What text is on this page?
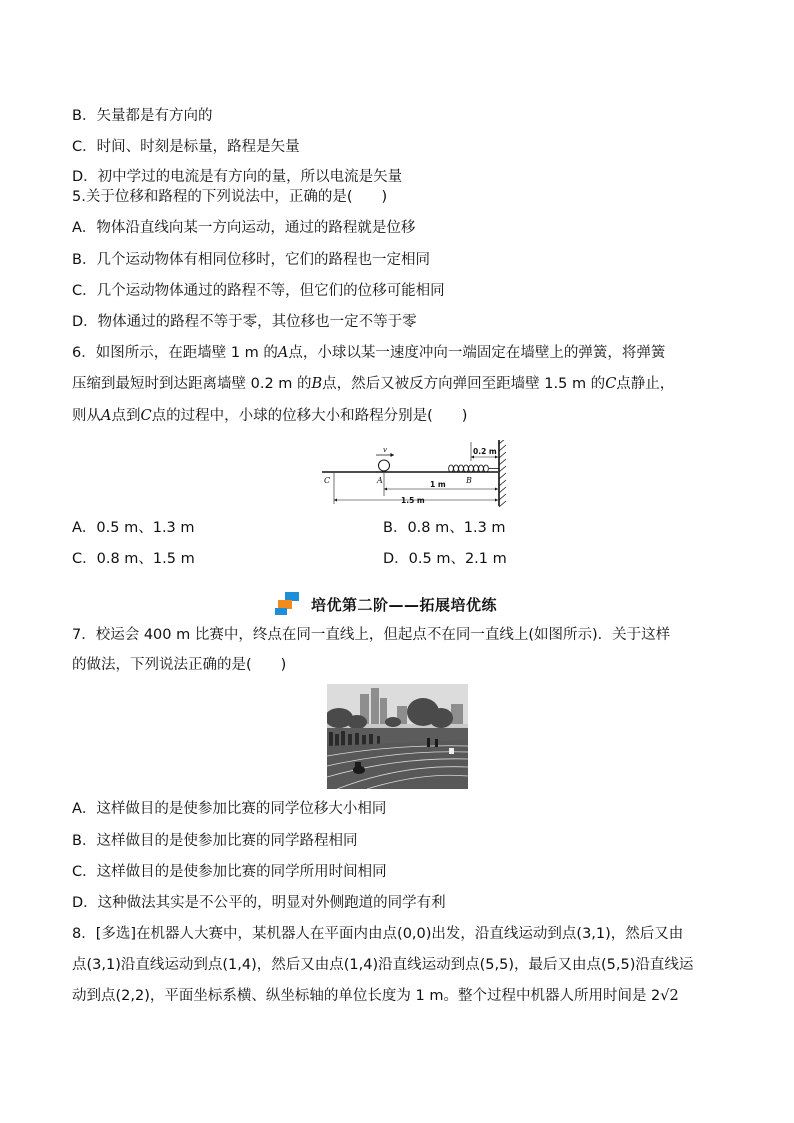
B．矢量都是有方向的
C．时间、时刻是标量，路程是矢量
D．初中学过的电流是有方向的量，所以电流是矢量
5.关于位移和路程的下列说法中，正确的是(　　)
A．物体沿直线向某一方向运动，通过的路程就是位移
B．几个运动物体有相同位移时，它们的路程也一定相同
C．几个运动物体通过的路程不等，但它们的位移可能相同
D．物体通过的路程不等于零，其位移也一定不等于零
6．如图所示，在距墙壁 1 m 的A点，小球以某一速度冲向一端固定在墙壁上的弹簧，将弹簧
压缩到最短时到达距离墙壁 0.2 m 的B点，然后又被反方向弹回至距墙壁 1.5 m 的C点静止，
则从A点到C点的过程中，小球的位移大小和路程分别是(　　)
v
C	A	B
0.2 m
1 m
1.5 m
A．0.5 m、1.3 m	B．0.8 m、1.3 m
C．0.8 m、1.5 m	D．0.5 m、2.1 m
培优第二阶——拓展培优练
7．校运会 400 m 比赛中，终点在同一直线上，但起点不在同一直线上(如图所示)．关于这样
的做法，下列说法正确的是(　　)
A．这样做目的是使参加比赛的同学位移大小相同
B．这样做目的是使参加比赛的同学路程相同
C．这样做目的是使参加比赛的同学所用时间相同
D．这种做法其实是不公平的，明显对外侧跑道的同学有利
8．[多选]在机器人大赛中，某机器人在平面内由点(0,0)出发，沿直线运动到点(3,1)，然后又由
点(3,1)沿直线运动到点(1,4)，然后又由点(1,4)沿直线运动到点(5,5)，最后又由点(5,5)沿直线运
动到点(2,2)，平面坐标系横、纵坐标轴的单位长度为 1 m。整个过程中机器人所用时间是 2√2
